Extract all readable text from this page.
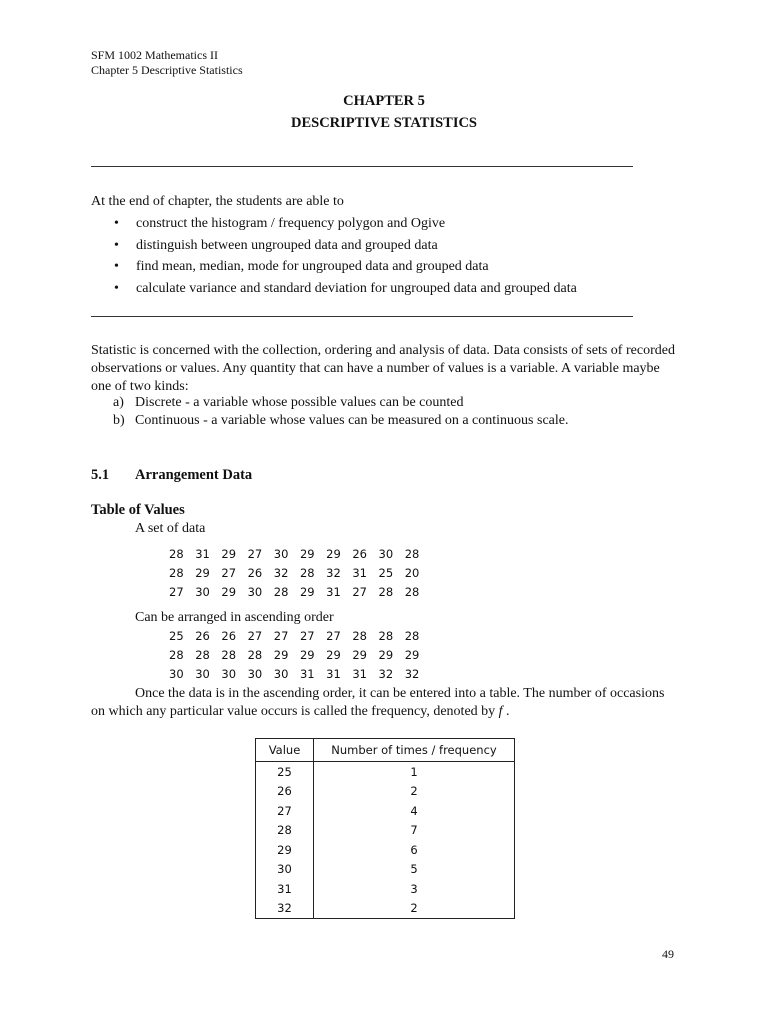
SFM 1002 Mathematics II
Chapter 5 Descriptive Statistics
CHAPTER 5
DESCRIPTIVE STATISTICS
At the end of chapter, the students are able to
• construct the histogram / frequency polygon and Ogive
• distinguish between ungrouped data and grouped data
• find mean, median, mode for ungrouped data and grouped data
• calculate variance and standard deviation for ungrouped data and grouped data
Statistic is concerned with the collection, ordering and analysis of data. Data consists of sets of recorded observations or values. Any quantity that can have a number of values is a variable. A variable maybe one of two kinds:
a) Discrete - a variable whose possible values can be counted
b) Continuous - a variable whose values can be measured on a continuous scale.
5.1 Arrangement Data
Table of Values
A set of data
28 31 29 27 30 29 29 26 30 28
28 29 27 26 32 28 32 31 25 20
27 30 29 30 28 29 31 27 28 28
Can be arranged in ascending order
25 26 26 27 27 27 27 28 28 28
28 28 28 28 29 29 29 29 29 29
30 30 30 30 30 31 31 31 32 32
Once the data is in the ascending order, it can be entered into a table. The number of occasions on which any particular value occurs is called the frequency, denoted by f .
Value	Number of times / frequency
25	1
26	2
27	4
28	7
29	6
30	5
31	3
32	2
49
